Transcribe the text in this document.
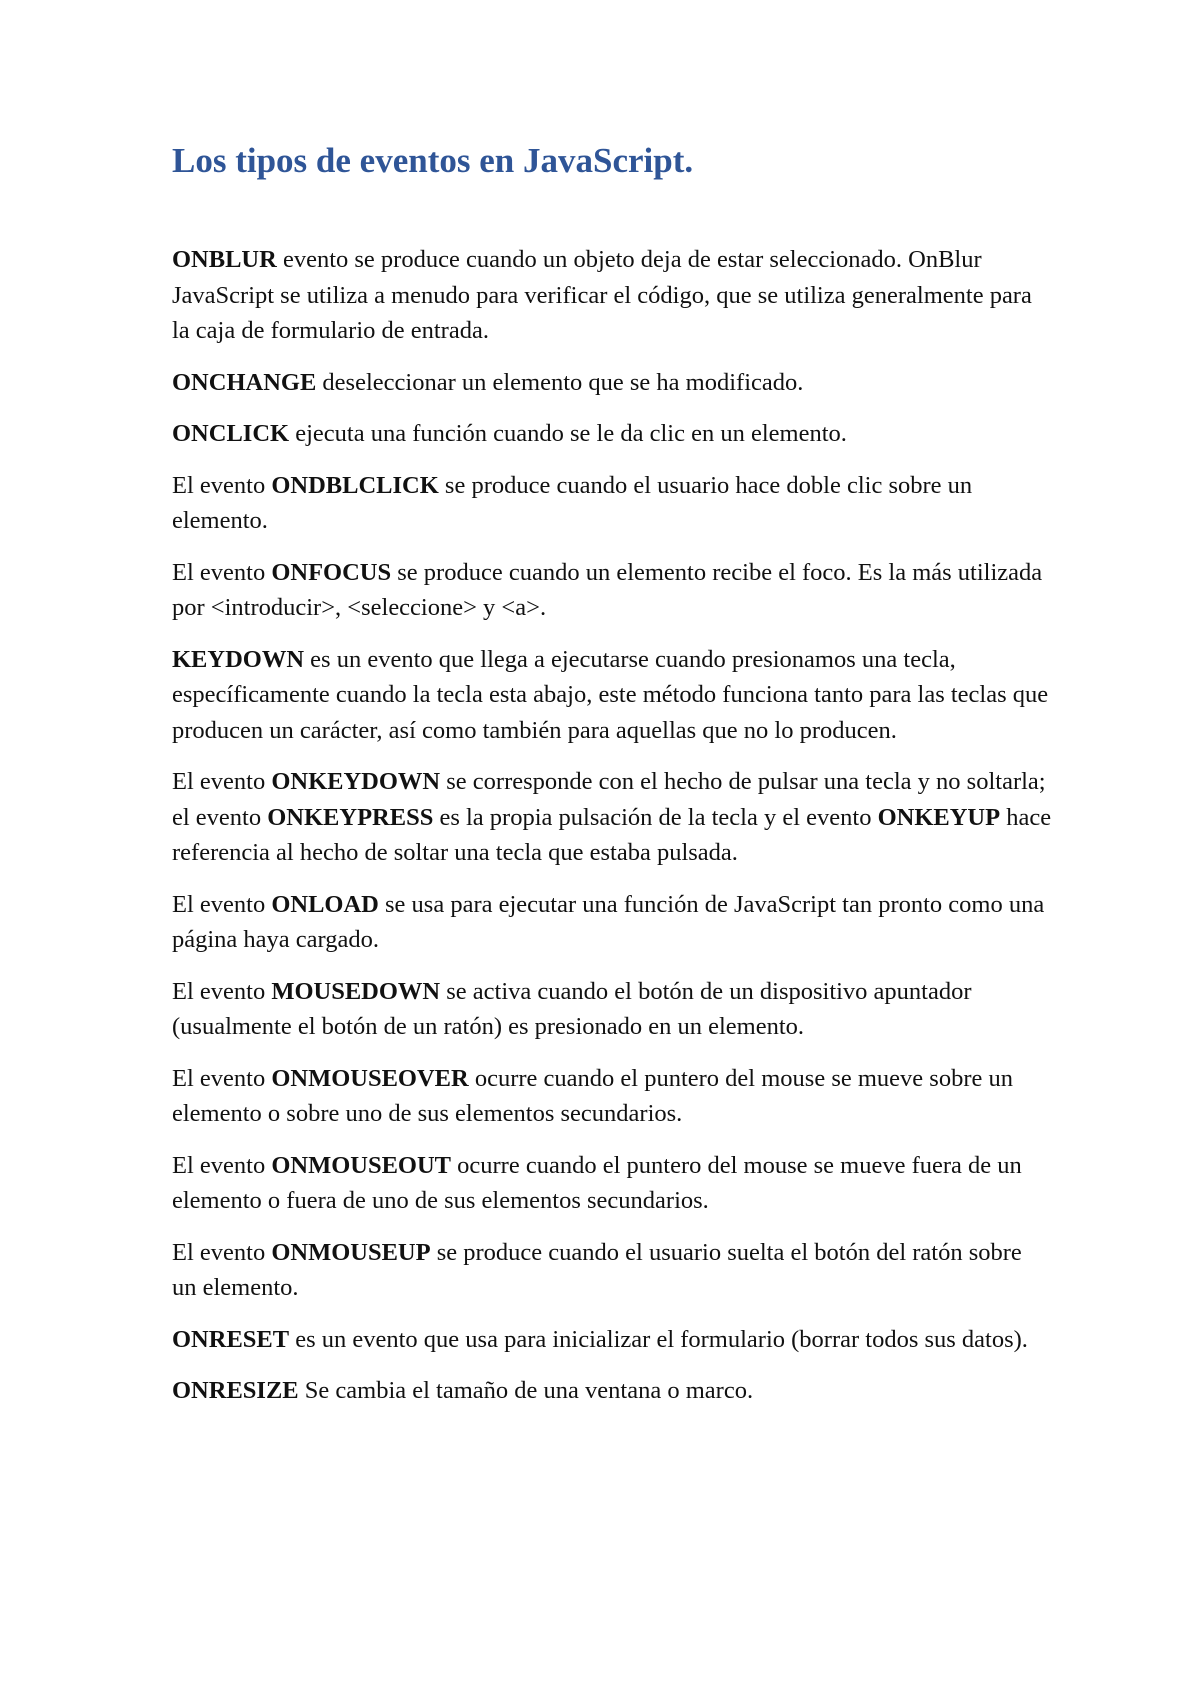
Los tipos de eventos en JavaScript.

ONBLUR evento se produce cuando un objeto deja de estar seleccionado. OnBlur JavaScript se utiliza a menudo para verificar el código, que se utiliza generalmente para la caja de formulario de entrada.

ONCHANGE deseleccionar un elemento que se ha modificado.

ONCLICK ejecuta una función cuando se le da clic en un elemento.

El evento ONDBLCLICK se produce cuando el usuario hace doble clic sobre un elemento.

El evento ONFOCUS se produce cuando un elemento recibe el foco. Es la más utilizada por <introducir>, <seleccione> y <a>.

KEYDOWN es un evento que llega a ejecutarse cuando presionamos una tecla, específicamente cuando la tecla esta abajo, este método funciona tanto para las teclas que producen un carácter, así como también para aquellas que no lo producen.

El evento ONKEYDOWN se corresponde con el hecho de pulsar una tecla y no soltarla; el evento ONKEYPRESS es la propia pulsación de la tecla y el evento ONKEYUP hace referencia al hecho de soltar una tecla que estaba pulsada.

El evento ONLOAD se usa para ejecutar una función de JavaScript tan pronto como una página haya cargado.

El evento MOUSEDOWN se activa cuando el botón de un dispositivo apuntador (usualmente el botón de un ratón) es presionado en un elemento.

El evento ONMOUSEOVER ocurre cuando el puntero del mouse se mueve sobre un elemento o sobre uno de sus elementos secundarios.

El evento ONMOUSEOUT ocurre cuando el puntero del mouse se mueve fuera de un elemento o fuera de uno de sus elementos secundarios.

El evento ONMOUSEUP se produce cuando el usuario suelta el botón del ratón sobre un elemento.

ONRESET es un evento que usa para inicializar el formulario (borrar todos sus datos).

ONRESIZE Se cambia el tamaño de una ventana o marco.
